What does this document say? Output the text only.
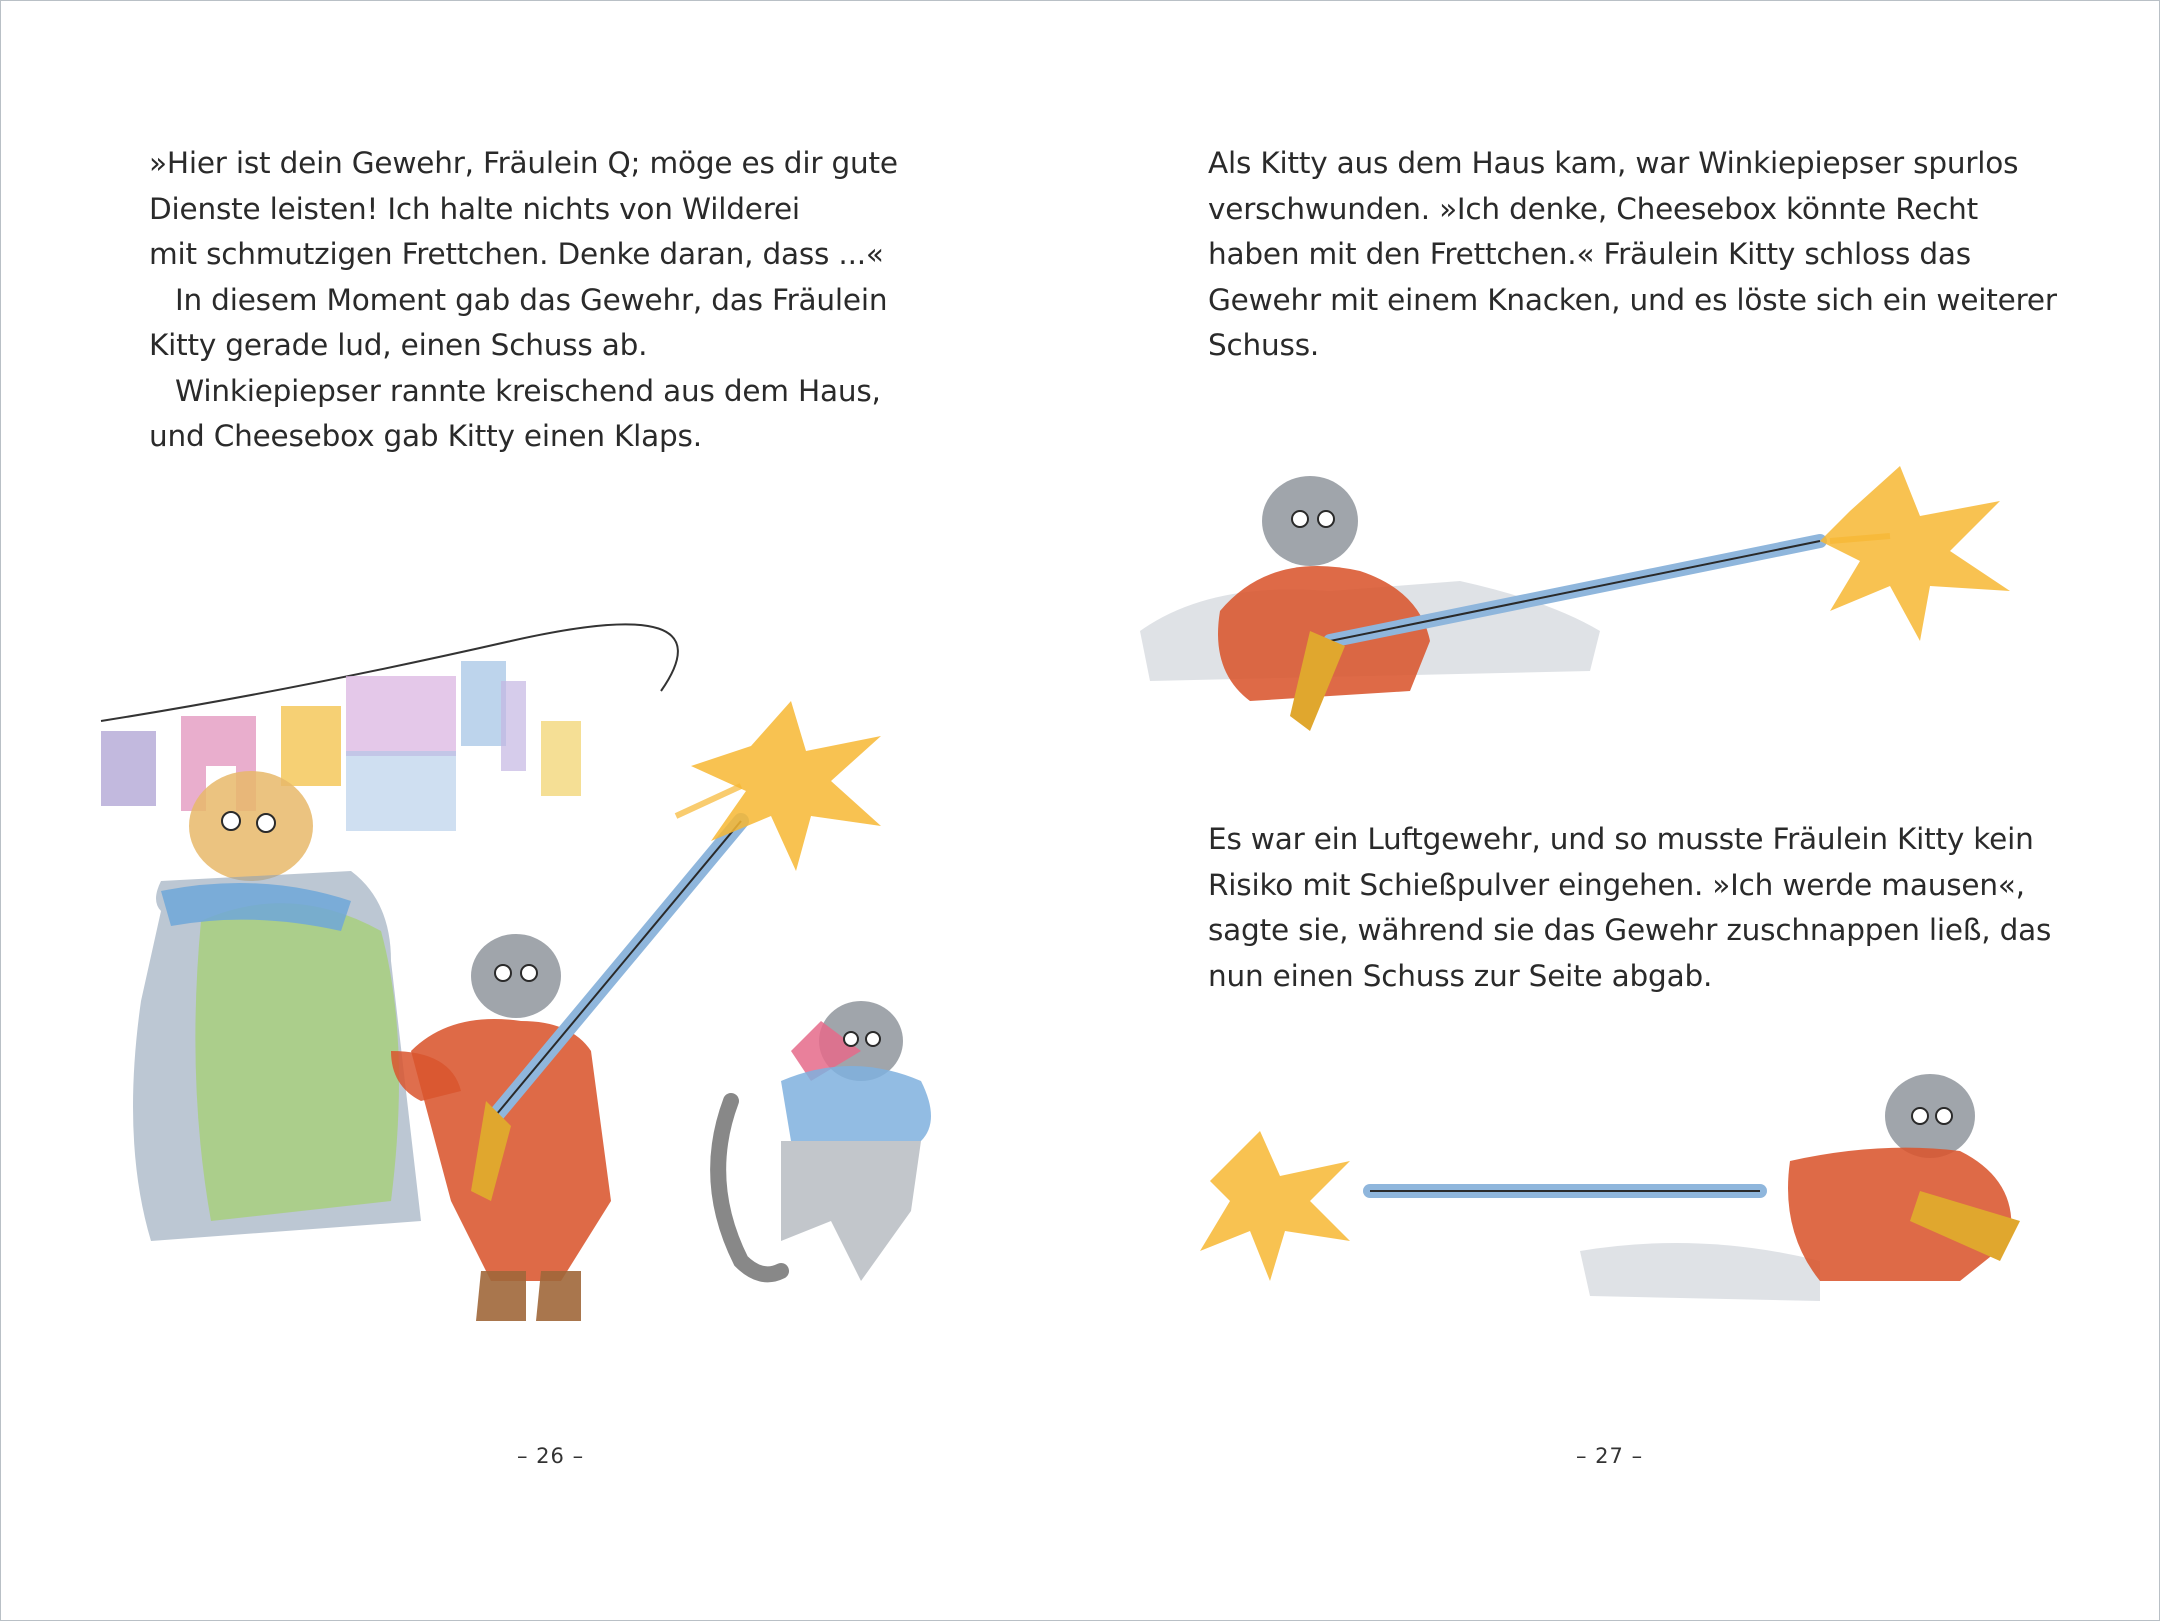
»Hier ist dein Gewehr, Fräulein Q; möge es dir gute
Dienste leisten! Ich halte nichts von Wilderei
mit schmutzigen Frettchen. Denke daran, dass ...«
In diesem Moment gab das Gewehr, das Fräulein
Kitty gerade lud, einen Schuss ab.
Winkiepiepser rannte kreischend aus dem Haus,
und Cheesebox gab Kitty einen Klaps.
– 26 –
Als Kitty aus dem Haus kam, war Winkiepiepser spurlos
verschwunden. »Ich denke, Cheesebox könnte Recht
haben mit den Frettchen.« Fräulein Kitty schloss das
Gewehr mit einem Knacken, und es löste sich ein weiterer
Schuss.
Es war ein Luftgewehr, und so musste Fräulein Kitty kein
Risiko mit Schießpulver eingehen. »Ich werde mausen«,
sagte sie, während sie das Gewehr zuschnappen ließ, das
nun einen Schuss zur Seite abgab.
– 27 –
